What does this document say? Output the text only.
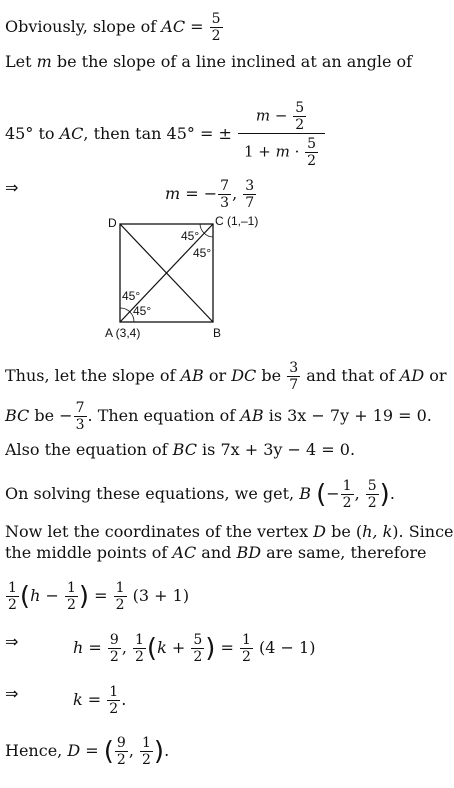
Obviously, slope of AC = $\frac{5}{2}$
Let m be the slope of a line inclined at an angle of
45° to AC, then tan 45° = ± $\frac{m - \frac{5}{2}}{1 + m \cdot \frac{5}{2}}$
⇒	m = − $\frac{7}{3}$ , $\frac{3}{7}$
D	C (1,–1)
45°
45°
45°
45°
A (3,4)	B
Thus, let the slope of AB or DC be $\frac{3}{7}$ and that of AD or
BC be − $\frac{7}{3}$ . Then equation of AB is 3x − 7y + 19 = 0.
Also the equation of BC is 7x + 3y − 4 = 0.
On solving these equations, we get, B (− $\frac{1}{2}$ , $\frac{5}{2}$ ).
Now let the coordinates of the vertex D be (h, k). Since
the middle points of AC and BD are same, therefore
$\frac{1}{2} (h - \frac{1}{2}$ ) = $\frac{1}{2} (3 + 1)$
⇒	$h = \frac{9}{2}$ , $\frac{1}{2} (k + \frac{5}{2}$ ) = $\frac{1}{2} (4 - 1)$
⇒	$k = \frac{1}{2}$ .
Hence, D = ( $\frac{9}{2}$ , $\frac{1}{2}$ ).
